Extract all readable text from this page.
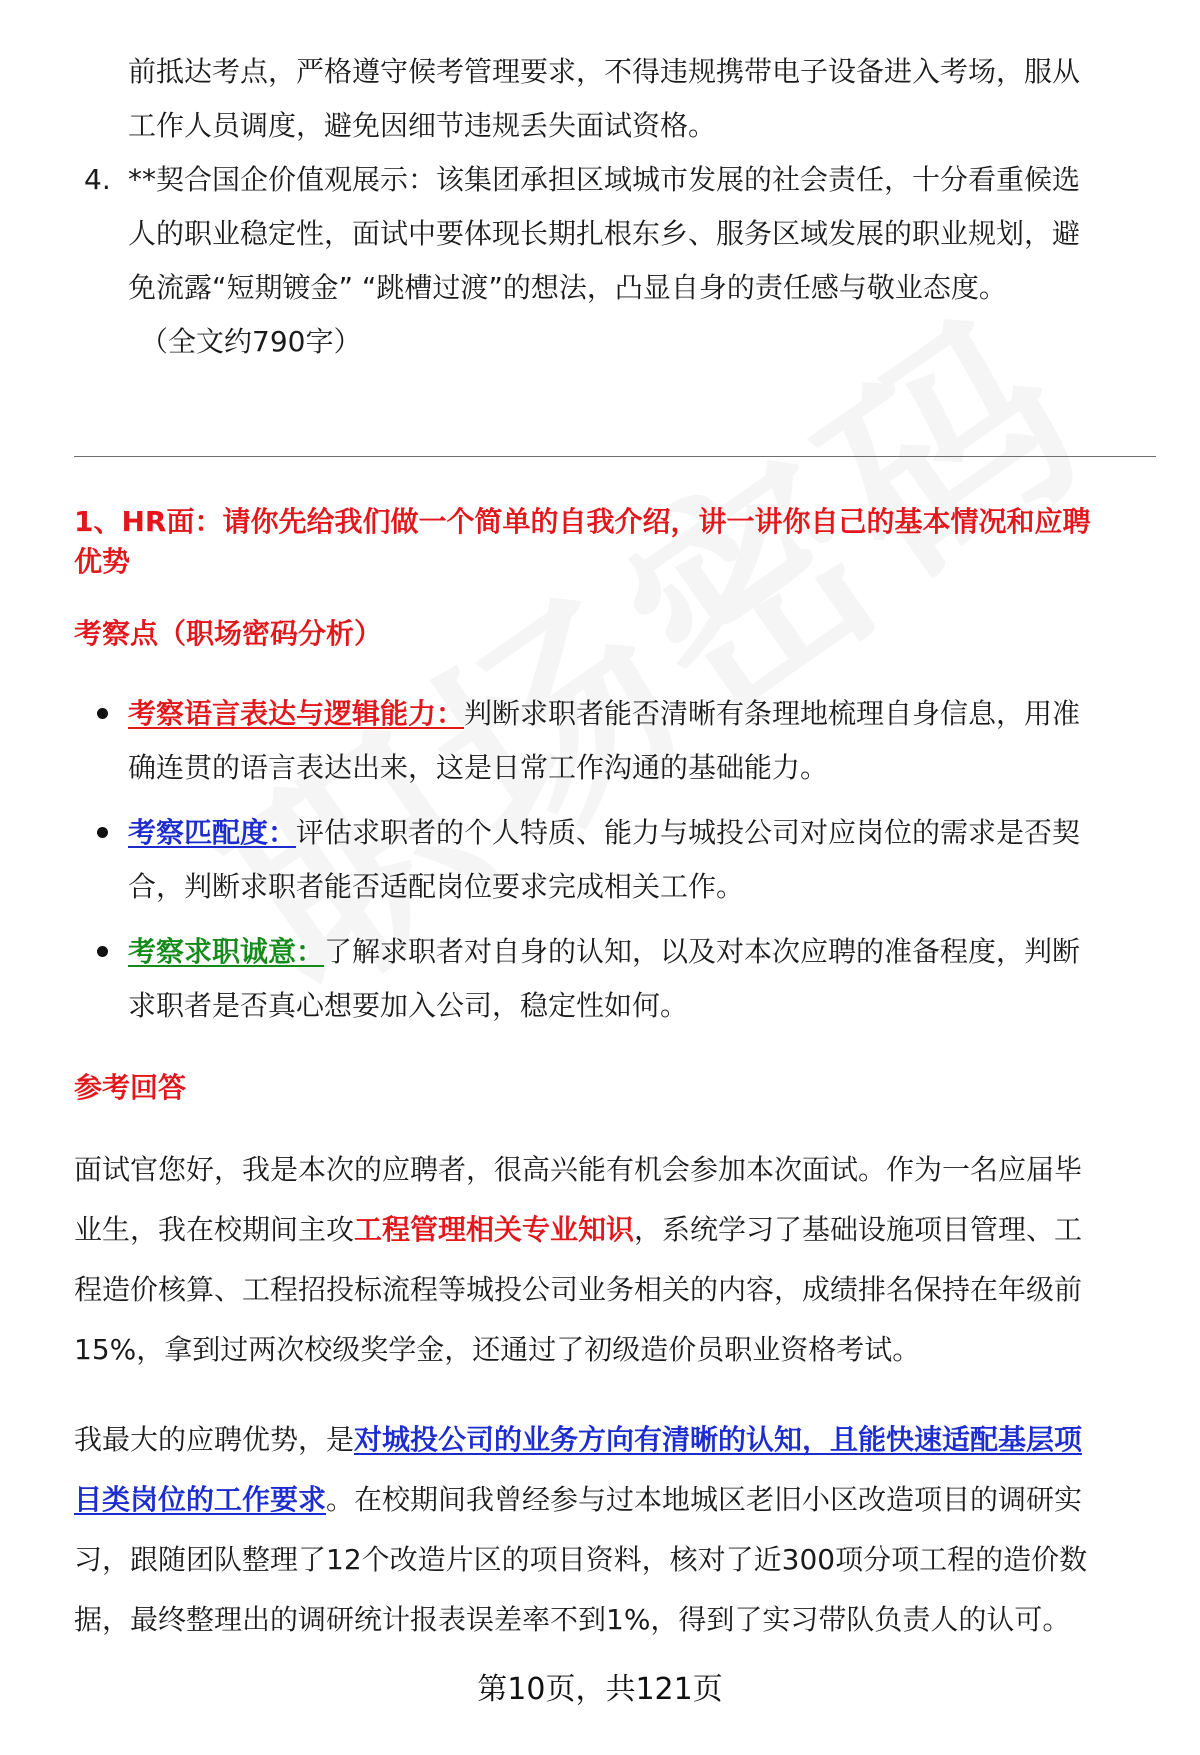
前抵达考点，严格遵守候考管理要求，不得违规携带电子设备进入考场，服从
工作人员调度，避免因细节违规丢失面试资格。
4. **契合国企价值观展示：该集团承担区域城市发展的社会责任，十分看重候选
人的职业稳定性，面试中要体现长期扎根东乡、服务区域发展的职业规划，避
免流露“短期镀金” “跳槽过渡”的想法，凸显自身的责任感与敬业态度。
（全文约790字）
1、HR面：请你先给我们做一个简单的自我介绍，讲一讲你自己的基本情况和应聘
优势
考察点（职场密码分析）
考察语言表达与逻辑能力：判断求职者能否清晰有条理地梳理自身信息，用准
确连贯的语言表达出来，这是日常工作沟通的基础能力。
考察匹配度：评估求职者的个人特质、能力与城投公司对应岗位的需求是否契
合，判断求职者能否适配岗位要求完成相关工作。
考察求职诚意：了解求职者对自身的认知，以及对本次应聘的准备程度，判断
求职者是否真心想要加入公司，稳定性如何。
参考回答
面试官您好，我是本次的应聘者，很高兴能有机会参加本次面试。作为一名应届毕
业生，我在校期间主攻工程管理相关专业知识，系统学习了基础设施项目管理、工
程造价核算、工程招投标流程等城投公司业务相关的内容，成绩排名保持在年级前
15%，拿到过两次校级奖学金，还通过了初级造价员职业资格考试。
我最大的应聘优势，是对城投公司的业务方向有清晰的认知，且能快速适配基层项
目类岗位的工作要求。在校期间我曾经参与过本地城区老旧小区改造项目的调研实
习，跟随团队整理了12个改造片区的项目资料，核对了近300项分项工程的造价数
据，最终整理出的调研统计报表误差率不到1%，得到了实习带队负责人的认可。
第10页，共121页
